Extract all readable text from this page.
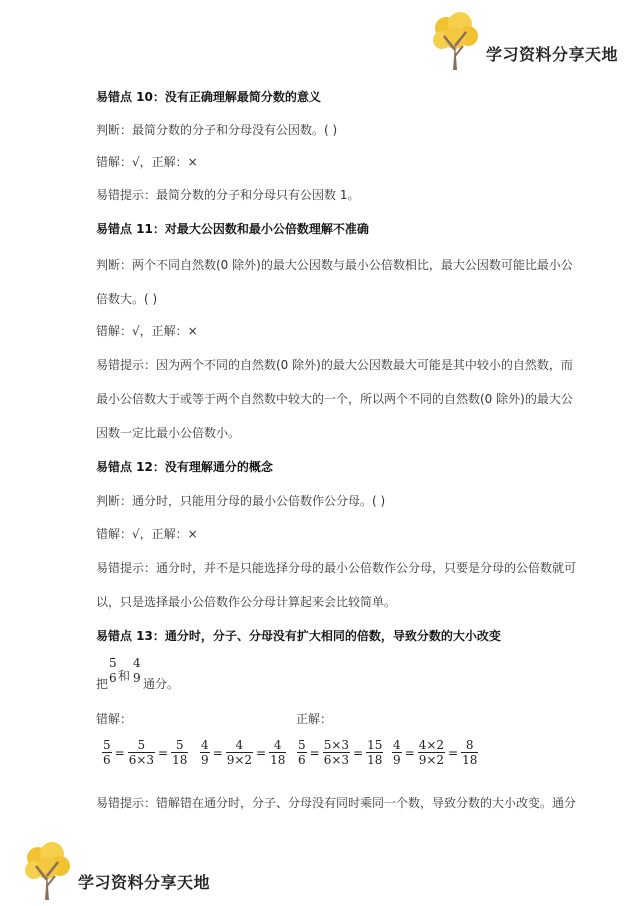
学习资料分享天地
易错点 10：没有正确理解最简分数的意义
判断：最简分数的分子和分母没有公因数。( )
错解：√，正解：×
易错提示：最简分数的分子和分母只有公因数 1。
易错点 11：对最大公因数和最小公倍数理解不准确
判断：两个不同自然数(0 除外)的最大公因数与最小公倍数相比，最大公因数可能比最小公
倍数大。( )
错解：√，正解：×
易错提示：因为两个不同的自然数(0 除外)的最大公因数最大可能是其中较小的自然数，而
最小公倍数大于或等于两个自然数中较大的一个，所以两个不同的自然数(0 除外)的最大公
因数一定比最小公倍数小。
易错点 12：没有理解通分的概念
判断：通分时，只能用分母的最小公倍数作公分母。( )
错解：√，正解：×
易错提示：通分时，并不是只能选择分母的最小公倍数作公分母，只要是分母的公倍数就可
以，只是选择最小公倍数作公分母计算起来会比较简单。
易错点 13：通分时，分子、分母没有扩大相同的倍数，导致分数的大小改变
5
6
4
9
把
和
通分。
错解：	正解：
$\frac{5}{6} = \frac{5}{6\times 3} = \frac{5}{18} \frac{4}{9} = \frac{4}{9\times 2} = \frac{4}{18} \frac{5}{6} = \frac{5\times 3}{6\times 3} = \frac{15}{18} \frac{4}{9} = \frac{4\times 2}{9\times 2} = \frac{8}{18}$
易错提示：错解错在通分时，分子、分母没有同时乘同一个数，导致分数的大小改变。通分
学习资料分享天地
